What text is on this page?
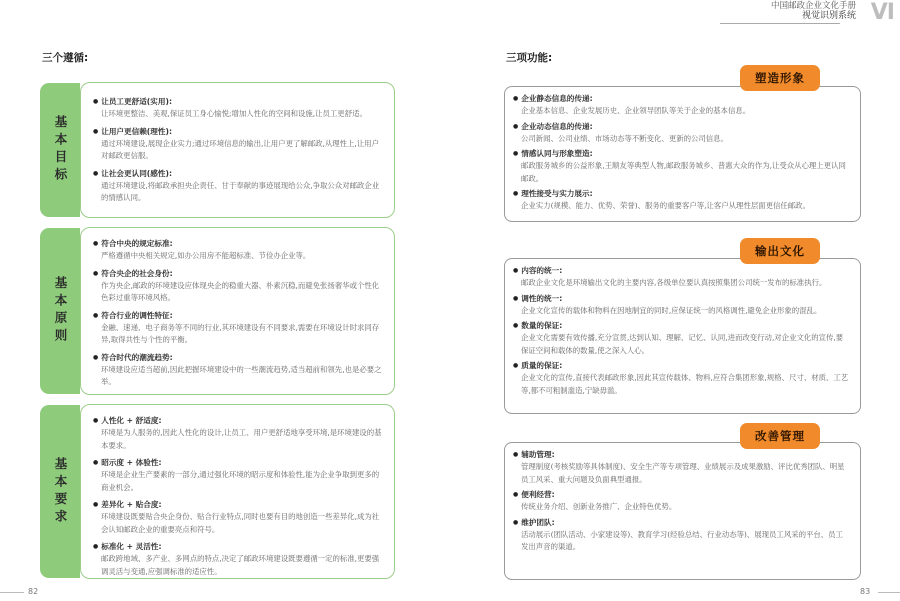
中国邮政企业文化手册
视觉识别系统 VI
三个遵循:
基本目标
● 让员工更舒适(实用):
让环境更整洁、美观,保证员工身心愉悦;增加人性化的空间和设施,让员工更舒适。
● 让用户更信赖(理性):
通过环境建设,展现企业实力;通过环境信息的输出,让用户更了解邮政,从理性上,让用户对邮政更信服。
● 让社会更认同(感性):
通过环境建设,将邮政承担央企责任、甘于奉献的事迹展现给公众,争取公众对邮政企业的情感认同。
基本原则
● 符合中央的规定标准:
严格遵循中央相关规定,如办公用房不能超标准、节俭办企业等。
● 符合央企的社会身份:
作为央企,邮政的环境建设应体现央企的稳重大器、朴素沉稳,而避免张扬奢华或个性化色彩过重等环境风格。
● 符合行业的调性特征:
金融、速递、电子商务等不同的行业,其环境建设有不同要求,需要在环境设计时求同存异,取得共性与个性的平衡。
● 符合时代的潮流趋势:
环境建设应适当超前,因此把握环境建设中的一些潮流趋势,适当超前和领先,也是必要之举。
基本要求
● 人性化 + 舒适度:
环境是为人服务的,因此人性化的设计,让员工、用户更舒适地享受环境,是环境建设的基本要求。
● 昭示度 + 体验性:
环境是企业生产要素的一部分,通过强化环境的昭示度和体验性,能为企业争取到更多的商业机会。
● 差异化 + 贴合度:
环境建设既要贴合央企身份、贴合行业特点,同时也要有目的地创造一些差异化,成为社会认知邮政企业的重要亮点和符号。
● 标准化 + 灵活性:
邮政跨地域、多产业、多网点的特点,决定了邮政环境建设既要遵循一定的标准,更要强调灵活与变通,应强调标准的适应性。
82
三项功能:
● 企业静态信息的传递:
企业基本信息、企业发展历史、企业领导团队等关于企业的基本信息。
● 企业动态信息的传递:
公司新闻、公司业绩、市场动态等不断变化、更新的公司信息。
● 情感认同与形象塑造:
邮政服务城乡的公益形象,王顺友等典型人物,邮政服务城乡、普惠大众的作为,让受众从心理上更认同邮政。
● 理性接受与实力展示:
企业实力(规模、能力、优势、荣誉)、服务的重要客户等,让客户从理性层面更信任邮政。
塑造形象
● 内容的统一:
邮政企业文化是环境输出文化的主要内容,各级单位要认真按照集团公司统一发布的标准执行。
● 调性的统一:
企业文化宣传的载体和物料在因地制宜的同时,应保证统一的风格调性,避免企业形象的混乱。
● 数量的保证:
企业文化需要有效传播,充分宣贯,达到认知、理解、记忆、认同,进而改变行动,对企业文化的宣传,要保证空间和载体的数量,使之深入人心。
● 质量的保证:
企业文化的宣传,直接代表邮政形象,因此其宣传载体、物料,应符合集团形象,规格、尺寸、材质、工艺等,都不可粗制滥造,宁缺毋滥。
输出文化
● 辅助管理:
管理制度(考核奖励等具体制度)、安全生产等专项管理、业绩展示及成果激励、评比优秀团队、明星员工风采、重大问题及负面典型通报。
● 便利经营:
传统业务介绍、创新业务推广、企业特色优势。
● 维护团队:
活动展示(团队活动、小家建设等)、教育学习(经验总结、行业动态等)、展现员工风采的平台、员工发出声音的渠道。
改善管理
83
